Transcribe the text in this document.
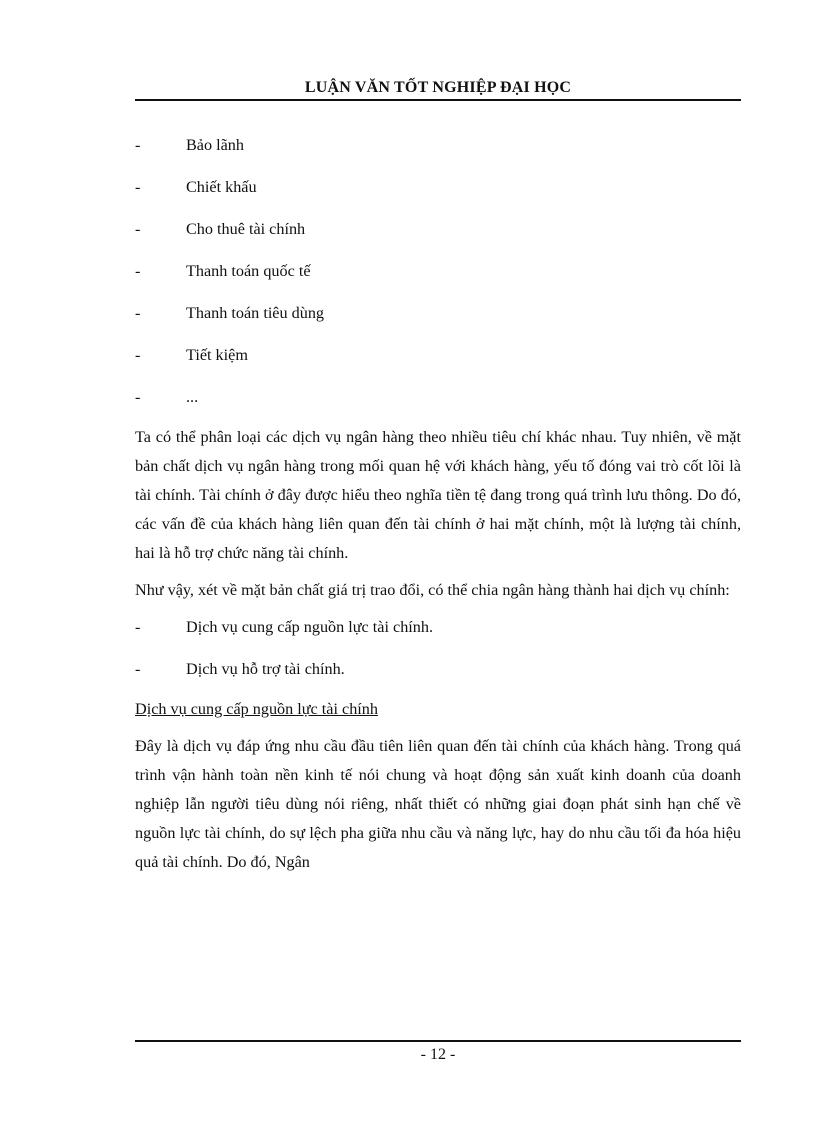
LUẬN VĂN TỐT NGHIỆP ĐẠI HỌC
-	Bảo lãnh
-	Chiết khấu
-	Cho thuê tài chính
-	Thanh toán quốc tế
-	Thanh toán tiêu dùng
-	Tiết kiệm
-	...

Ta có thể phân loại các dịch vụ ngân hàng theo nhiều tiêu chí khác nhau. Tuy nhiên, về mặt bản chất dịch vụ ngân hàng trong mối quan hệ với khách hàng, yếu tố đóng vai trò cốt lõi là tài chính. Tài chính ở đây được hiểu theo nghĩa tiền tệ đang trong quá trình lưu thông. Do đó, các vấn đề của khách hàng liên quan đến tài chính ở hai mặt chính, một là lượng tài chính, hai là hỗ trợ chức năng tài chính.

Như vậy, xét về mặt bản chất giá trị trao đổi, có thể chia ngân hàng thành hai dịch vụ chính:

-	Dịch vụ cung cấp nguồn lực tài chính.
-	Dịch vụ hỗ trợ tài chính.

Dịch vụ cung cấp nguồn lực tài chính

Đây là dịch vụ đáp ứng nhu cầu đầu tiên liên quan đến tài chính của khách hàng. Trong quá trình vận hành toàn nền kinh tế nói chung và hoạt động sản xuất kinh doanh của doanh nghiệp lẫn người tiêu dùng nói riêng, nhất thiết có những giai đoạn phát sinh hạn chế về nguồn lực tài chính, do sự lệch pha giữa nhu cầu và năng lực, hay do nhu cầu tối đa hóa hiệu quả tài chính. Do đó, Ngân

- 12 -
